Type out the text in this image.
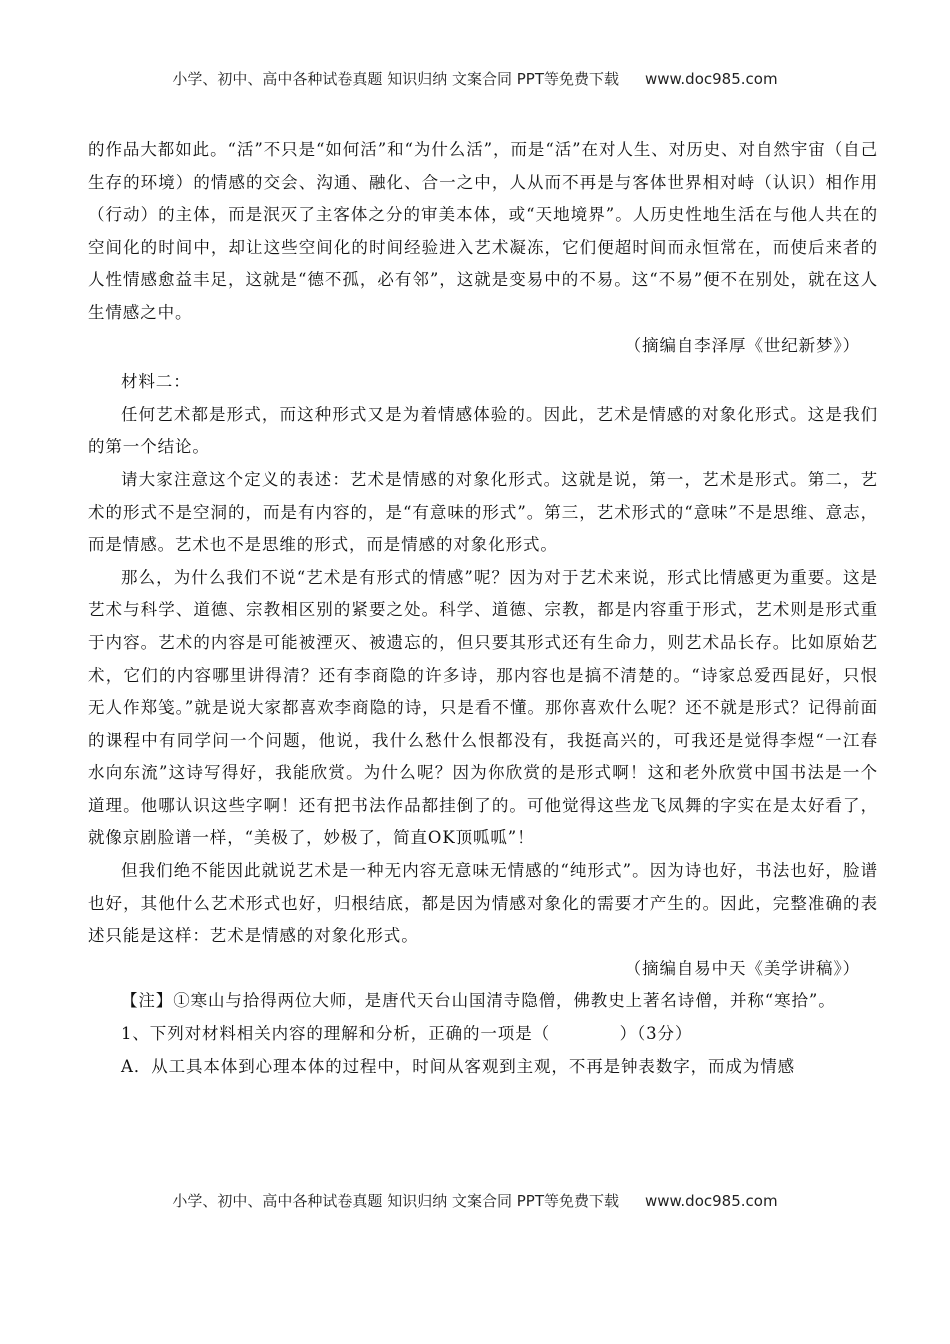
小学、初中、高中各种试卷真题 知识归纳 文案合同 PPT等免费下载 www.doc985.com

的作品大都如此。“活”不只是“如何活”和“为什么活”，而是“活”在对人生、对历史、对自然宇宙（自己生存的环境）的情感的交会、沟通、融化、合一之中，人从而不再是与客体世界相对峙（认识）相作用（行动）的主体，而是泯灭了主客体之分的审美本体，或“天地境界”。人历史性地生活在与他人共在的空间化的时间中，却让这些空间化的时间经验进入艺术凝冻，它们便超时间而永恒常在，而使后来者的人性情感愈益丰足，这就是“德不孤，必有邻”，这就是变易中的不易。这“不易”便不在别处，就在这人生情感之中。

（摘编自李泽厚《世纪新梦》）

材料二：

任何艺术都是形式，而这种形式又是为着情感体验的。因此，艺术是情感的对象化形式。这是我们的第一个结论。

请大家注意这个定义的表述：艺术是情感的对象化形式。这就是说，第一，艺术是形式。第二，艺术的形式不是空洞的，而是有内容的，是“有意味的形式”。第三，艺术形式的“意味”不是思维、意志，而是情感。艺术也不是思维的形式，而是情感的对象化形式。

那么，为什么我们不说“艺术是有形式的情感”呢？因为对于艺术来说，形式比情感更为重要。这是艺术与科学、道德、宗教相区别的紧要之处。科学、道德、宗教，都是内容重于形式，艺术则是形式重于内容。艺术的内容是可能被湮灭、被遗忘的，但只要其形式还有生命力，则艺术品长存。比如原始艺术，它们的内容哪里讲得清？还有李商隐的许多诗，那内容也是搞不清楚的。“诗家总爱西昆好，只恨无人作郑笺。”就是说大家都喜欢李商隐的诗，只是看不懂。那你喜欢什么呢？还不就是形式？记得前面的课程中有同学问一个问题，他说，我什么愁什么恨都没有，我挺高兴的，可我还是觉得李煜“一江春水向东流”这诗写得好，我能欣赏。为什么呢？因为你欣赏的是形式啊！这和老外欣赏中国书法是一个道理。他哪认识这些字啊！还有把书法作品都挂倒了的。可他觉得这些龙飞凤舞的字实在是太好看了，就像京剧脸谱一样，“美极了，妙极了，简直OK顶呱呱”！

但我们绝不能因此就说艺术是一种无内容无意味无情感的“纯形式”。因为诗也好，书法也好，脸谱也好，其他什么艺术形式也好，归根结底，都是因为情感对象化的需要才产生的。因此，完整准确的表述只能是这样：艺术是情感的对象化形式。

（摘编自易中天《美学讲稿》）

【注】①寒山与拾得两位大师，是唐代天台山国清寺隐僧，佛教史上著名诗僧，并称“寒拾”。

1、下列对材料相关内容的理解和分析，正确的一项是（　　　　）（3分）

A．从工具本体到心理本体的过程中，时间从客观到主观，不再是钟表数字，而成为情感

小学、初中、高中各种试卷真题 知识归纳 文案合同 PPT等免费下载 www.doc985.com
